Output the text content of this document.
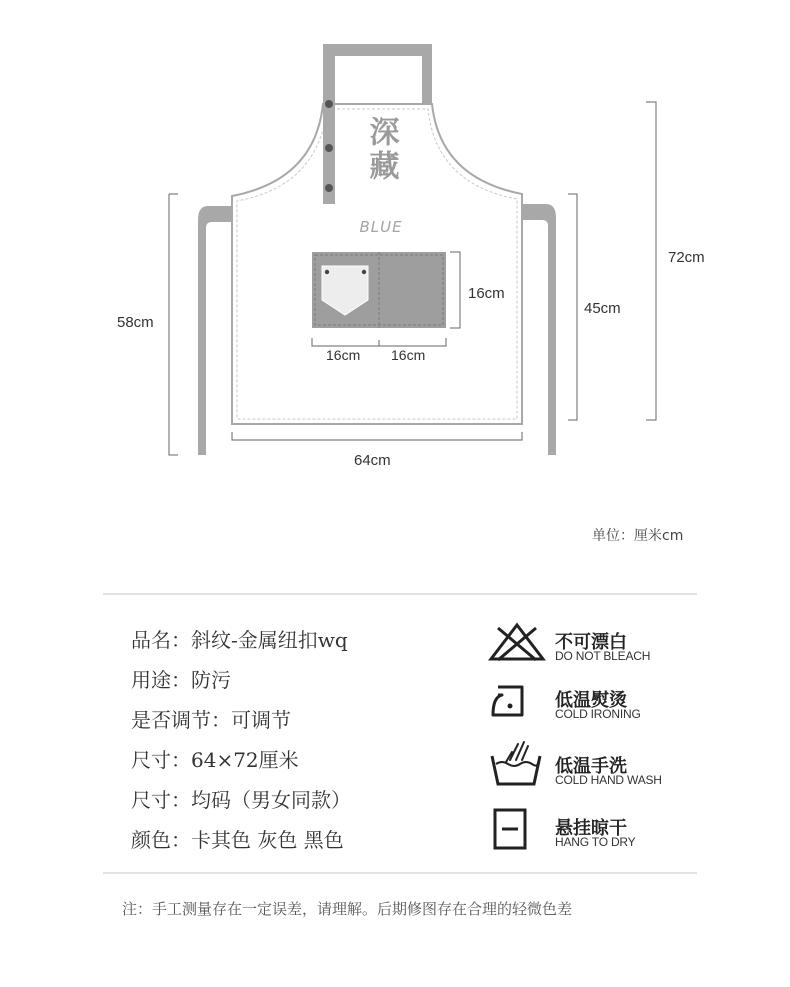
深藏
BLUE
72cm
58cm
45cm
16cm
16cm 16cm
64cm
单位：厘米cm
品名：斜纹-金属纽扣wq
用途：防污
是否调节：可调节
尺寸：64×72厘米
尺寸：均码（男女同款）
颜色：卡其色 灰色 黑色
不可漂白
DO NOT BLEACH
低温熨烫
COLD IRONING
低温手洗
COLD HAND WASH
悬挂晾干
HANG TO DRY
注：手工测量存在一定误差，请理解。后期修图存在合理的轻微色差
